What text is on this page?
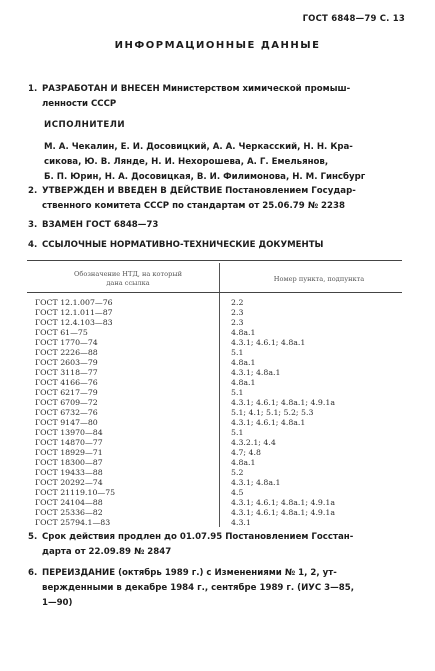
ГОСТ 6848—79 С. 13
ИНФОРМАЦИОННЫЕ ДАННЫЕ
1. РАЗРАБОТАН И ВНЕСЕН Министерством химической промыш-
ленности СССР
ИСПОЛНИТЕЛИ
М. А. Чекалин, Е. И. Досовицкий, А. А. Черкасский, Н. Н. Кра-
сикова, Ю. В. Лянде, Н. И. Нехорошева, А. Г. Емельянов,
Б. П. Юрин, Н. А. Досовицкая, В. И. Филимонова, Н. М. Гинсбург
2. УТВЕРЖДЕН И ВВЕДЕН В ДЕЙСТВИЕ Постановлением Государ-
ственного комитета СССР по стандартам от 25.06.79 № 2238
3. ВЗАМЕН ГОСТ 6848—73
4. ССЫЛОЧНЫЕ НОРМАТИВНО-ТЕХНИЧЕСКИЕ ДОКУМЕНТЫ
Обозначение НТД, на который
дана ссылка	Номер пункта, подпункта
ГОСТ 12.1.007—76	2.2
ГОСТ 12.1.011—87	2.3
ГОСТ 12.4.103—83	2.3
ГОСТ 61—75	4.8а.1
ГОСТ 1770—74	4.3.1; 4.6.1; 4.8а.1
ГОСТ 2226—88	5.1
ГОСТ 2603—79	4.8а.1
ГОСТ 3118—77	4.3.1; 4.8а.1
ГОСТ 4166—76	4.8а.1
ГОСТ 6217—79	5.1
ГОСТ 6709—72	4.3.1; 4.6.1; 4.8а.1; 4.9.1а
ГОСТ 6732—76	5.1; 4.1; 5.1; 5.2; 5.3
ГОСТ 9147—80	4.3.1; 4.6.1; 4.8а.1
ГОСТ 13970—84	5.1
ГОСТ 14870—77	4.3.2.1; 4.4
ГОСТ 18929—71	4.7; 4.8
ГОСТ 18300—87	4.8а.1
ГОСТ 19433—88	5.2
ГОСТ 20292—74	4.3.1; 4.8а.1
ГОСТ 21119.10—75	4.5
ГОСТ 24104—88	4.3.1; 4.6.1; 4.8а.1; 4.9.1а
ГОСТ 25336—82	4.3.1; 4.6.1; 4.8а.1; 4.9.1а
ГОСТ 25794.1—83	4.3.1
5. Срок действия продлен до 01.07.95 Постановлением Госстан-
дарта от 22.09.89 № 2847
6. ПЕРЕИЗДАНИЕ (октябрь 1989 г.) с Изменениями № 1, 2, ут-
вержденными в декабре 1984 г., сентябре 1989 г. (ИУС 3—85,
1—90)
